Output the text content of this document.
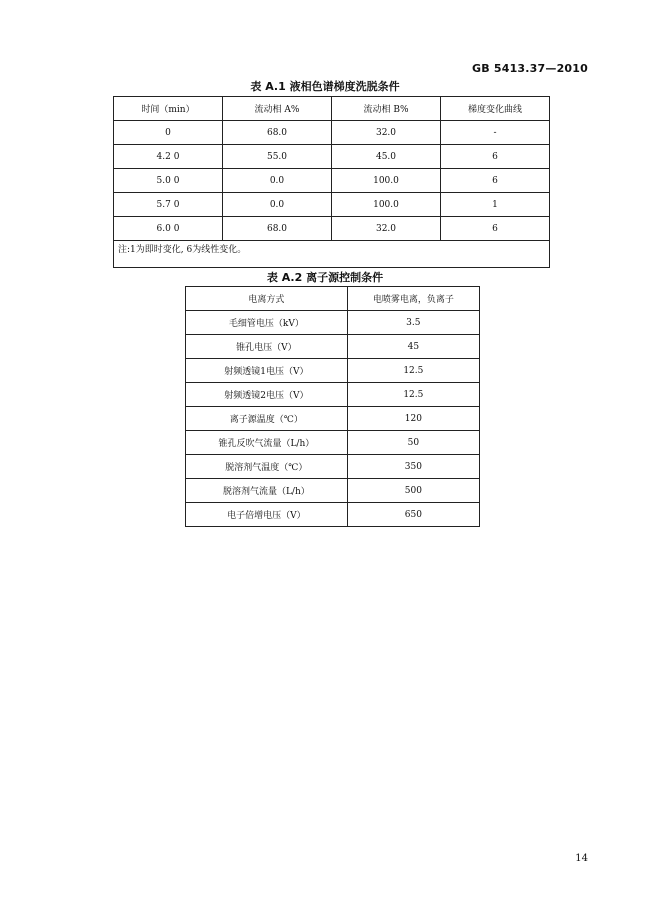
GB 5413.37—2010
表 A.1 液相色谱梯度洗脱条件
时间（min）	流动相 A%	流动相 B%	梯度变化曲线
0	68.0	32.0	-
4.2 0	55.0	45.0	6
5.0 0	0.0	100.0	6
5.7 0	0.0	100.0	1
6.0 0	68.0	32.0	6
注:1为即时变化, 6为线性变化。			
表 A.2 离子源控制条件
电离方式	电喷雾电离，负离子
毛细管电压（kV）	3.5
锥孔电压（V）	45
射频透镜1电压（V）	12.5
射频透镜2电压（V）	12.5
离子源温度（℃）	120
锥孔反吹气流量（L/h）	50
脱溶剂气温度（℃）	350
脱溶剂气流量（L/h）	500
电子倍增电压（V）	650
14
